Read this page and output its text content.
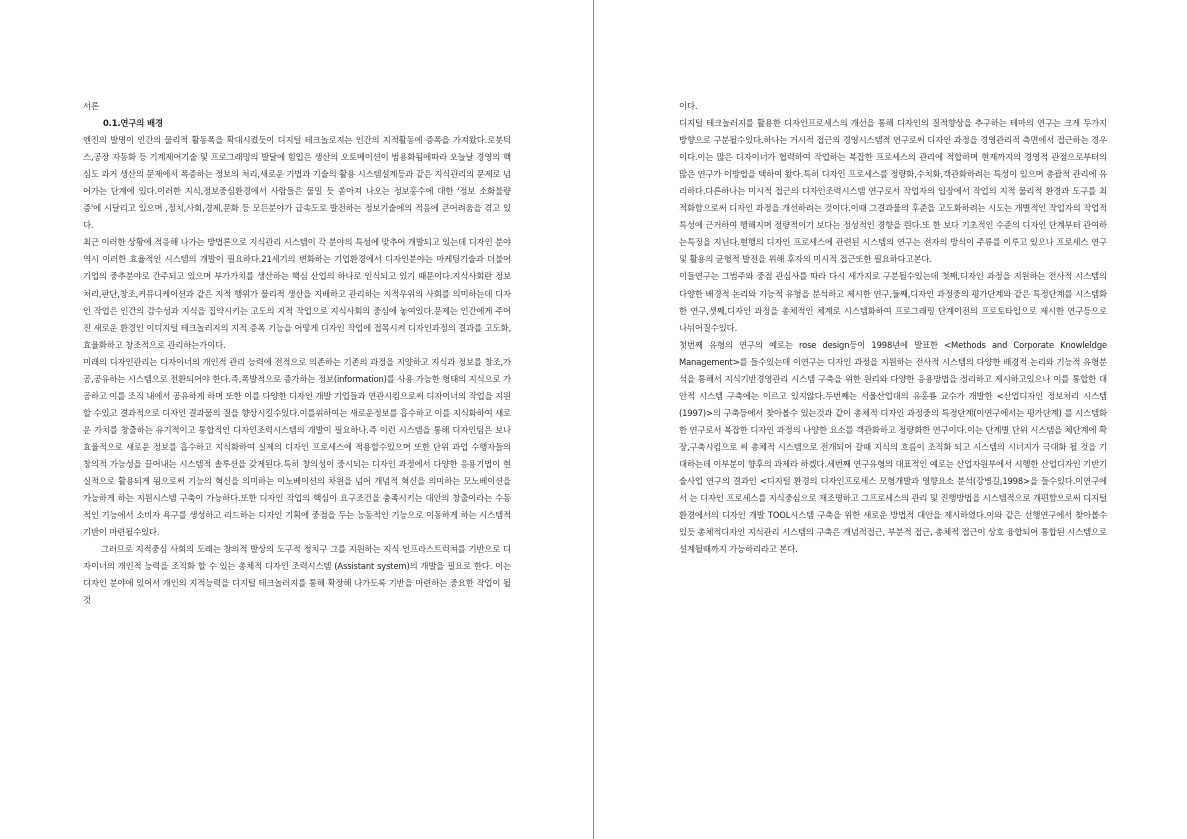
서론

0.1.연구의 배경

엔진의 발명이 인간의 물리적 활동폭을 확대시켰듯이 디지털 테크놀로지는 인간의 지적활동에 증폭을 가져왔다.로봇틱스,공장 자동화 등 기계제어기술 및 프로그래밍의 발달에 힘입은 생산의 오토메이션이 범용화됨에따라 오늘날 경영의 핵심도 과거 생산의 문제에서 폭증하는 정보의 처리,새로운 기법과 기술의 활용 시스템설계등과 같은 지식관리의 문제로 넘어가는 단계에 있다.이러한 지식,정보중심환경에서 사람들은 물밀 듯 쏟아져 나오는 정보홍수에 대한 '정보 소화불량증'에 시달리고 있으며 ,정치,사회,경제,문화 등 모든분야가 급속도로 발전하는 정보기술에의 적응에 큰어려움을 겪고 있다.

최근 이러한 상황에 적응해 나가는 방법론으로 지식관리 시스템이 각 분야의 특성에 맞추어 개발되고 있는데 디자인 분야 역시 이러한 효율적인 시스템의 개발이 필요하다.21세기의 변화하는 기업환경에서 디자인분야는 마케팅기술과 더불어 기업의 중추분야로 간주되고 있으며 부가가치를 생산하는 핵심 산업의 하나로 인식되고 있기 때문이다.지식사회란 정보처리,판단,창조,커뮤니케이션과 같은 지적 행위가 물리적 생산을 지배하고 관리하는 지적우위의 사회를 의미하는데 디자인 작업은 인간의 감수성과 지식을 집약시키는 고도의 지적 작업으로 지식사회의 중심에 놓여있다.문제는 인간에게 주어진 새로운 환경인 이디지털 테크놀러지의 지적 증폭 기능을 어떻게 디자인 작업에 접목시켜 디자인과정의 결과를 고도화,효율화하고 창조적으로 관리하는가이다.

미래의 디자인관리는 디자이너의 개인적 관리 능력에 전적으로 의존하는 기존의 과정을 지양하고 지식과 정보를 창조,가공,공유하는 시스템으로 전환되어야 한다.즉,폭발적으로 증가하는 정보(information)를 사용 가능한 형태의 지식으로 가공하고 이를 조직 내에서 공유하게 하며 또한 이를 다양한 디자인 개발 기업들과 연관시킴으로써 디자이너의 작업을 지원할 수있고 결과적으로 디자인 결과물의 질을 향상시킬수있다.이를위하여는 새로운정보를 흡수하고 이를 지식화하여 새로운 가치를 창출하는 유기적이고 통합적인 디자인조력시스템의 개발이 필요하나.즉 이런 시스템을 통해 디자인팀은 보나 효율적으로 새로운 정보를 흡수하고 지식화하여 실제의 디자인 프로세스에 적용할수있으며 또한 단위 과업 수행자들의 창의적 가능성을 끌어내는 시스템적 솔루션을 갖게된다.특히 창의성이 중시되는 디자인 과정에서 다양한 응용기법이 현실적으로 활용되게 됨으로써 기능의 혁신을 의미하는 이노베이션의 차원을 넘어 개념적 혁신을 의미하는 모노베이션을 가능하게 하는 지원시스템 구축이 가능하다.또한 디자인 작업의 핵심이 요구조건을 충족시키는 대안의 창출이라는 수동적인 기능에서 소비자 욕구를 생성하고 리드하는 디자인 기획에 중점을 두는 능동적인 기능으로 이동하게 하는 시스템적 기반이 마련될수있다.

그러므로 지적중심 사회의 도래는 창의적 발상의 도구적 정치구 그를 지원하는 지식 인프라스트럭쳐를 기반으로 디자이너의 개인적 능력을 조직화 할 수 있는 총체적 디자인 조력시스템 (Assistant system)의 개발을 필요로 한다. 이는 디자인 분야에 있어서 개인의 지적능력을 디지털 테크놀러지를 통해 확장해 나가도록 기반을 마련하는 중요한 작업이 될것

이다.

디지털 테크놀러지를 활용한 디자인프로세스의 개선을 통해 디자인의 질적향상을 추구하는 테마의 연구는 크게 두가지 방향으로 구분될수있다.하나는 거시적 접근의 경영시스템적 연구로써 디자인 과정을 경영관리적 측면에서 접근하는 경우이다.이는 많은 디자이너가 협력하여 작업하는 복잡한 프로세스의 관리에 적합하며 현재까지의 경영적 관점으로부터의 많은 연구가 이방법을 택하여 왔다.특히 디자인 프로세스를 정량화,수치화,객관화하려는 특성이 있으며 총괄적 관리에 유리하다.다른하나는 미시적 접근의 디자인조력시스템 연구로서 작업자의 입장에서 작업의 지적 물리적 환경과 도구를 최적화함으로써 디자인 과정을 개선하려는 것이다.이때 그결과물의 후준을 고도화하려는 시도는 개별적인 작업자의 작업적 특성에 근거하여 행해지며 정량적이기 보다는 정성적인 경향을 띈다.또 한 보다 기초적인 수준의 디자인 단계부터 관여하는특징을 지닌다.현행의 디자인 프로세스에 관련된 시스템의 연구는 전자의 방식이 주류를 이루고 있으나 프로세스 연구 및 활용의 균형적 발전을 위해 후자의 미시적 접근또한 필요하다고본다.

이들연구는 그범주와 중점 관심사를 따라 다시 세가지로 구분될수있는데 첫째,디자인 과정을 지원하는 전사적 시스템의 다양한 배경적 논리와 기능적 유형을 분석하고 제시한 연구,둘째,디자인 과정중의 평가단계와 같은 특정단계를 시스템화한 연구,셋째,디자인 과정을 총체적인 체계로 시스템화하여 프로그래밍 단계이전의 프로토타입으로 제시한 연구등으로 나뉘어질수있다.

첫번째 유형의 연구의 예로는 rose design등이 1998년에 발표한 <Methods and Corporate Knowleldge Management>를 들수있는데 이연구는 디자인 과정을 지원하는 전사적 시스템의 다양한 배경적 논리와 기능적 유형분석을 통해서 지식기반경영관리 시스템 구축을 위한 원리와 다양한 응용방법을 정리하고 제시하고있으나 이를 통합한 대안적 시스템 구축에는 이르고 있지않다.두번째는 서울산업대의 유홍룡 교수가 개발한 <산업디자인 정보처리 시스템(1997)>의 구축등에서 찾아볼수 있는것과 같이 총체적 디자인 과정중의 특정단계(이연구에서는 평가단계) 를 시스템화한 연구로서 복잡한 디자인 과정의 나양한 요소를 객관화하고 정량화한 연구이다.이는 단계별 단위 시스템을 체단계에 확장,구축시킴으로 써 총체적 시스템으로 전개되어 갈때 지식의 흐름이 조직화 되고 시스템의 시너지가 극대화 될 것을 기대하는데 이부분이 향후의 과제라 하겠다.세번째 연구유형의 대표적인 예로는 산업자원부에서 시행한 산업디자인 기반기술사업 연구의 결과인 <디지털 환경의 디자인프로세스 모형개발과 영향요소 분석(강병길,1998>을 들수있다.이연구에서 는 디자인 프로세스를 지식중심으로 재조명하고 그프로세스의 관리 및 진행방법을 시스템적으로 개편함으로써 디지털 환경에서의 디자인 개발 TOOL시스템 구축을 위한 새로운 방법적 대안을 제시하였다.이와 같은 선행연구에서 찾아볼수있듯 총체적디자인 지식관리 시스템의 구축은 개념적접근, 부분적 접근, 총체적 접근이 상호 융합되어 통합된 시스템으로 설계될때까지 가능하리라고 본다.
